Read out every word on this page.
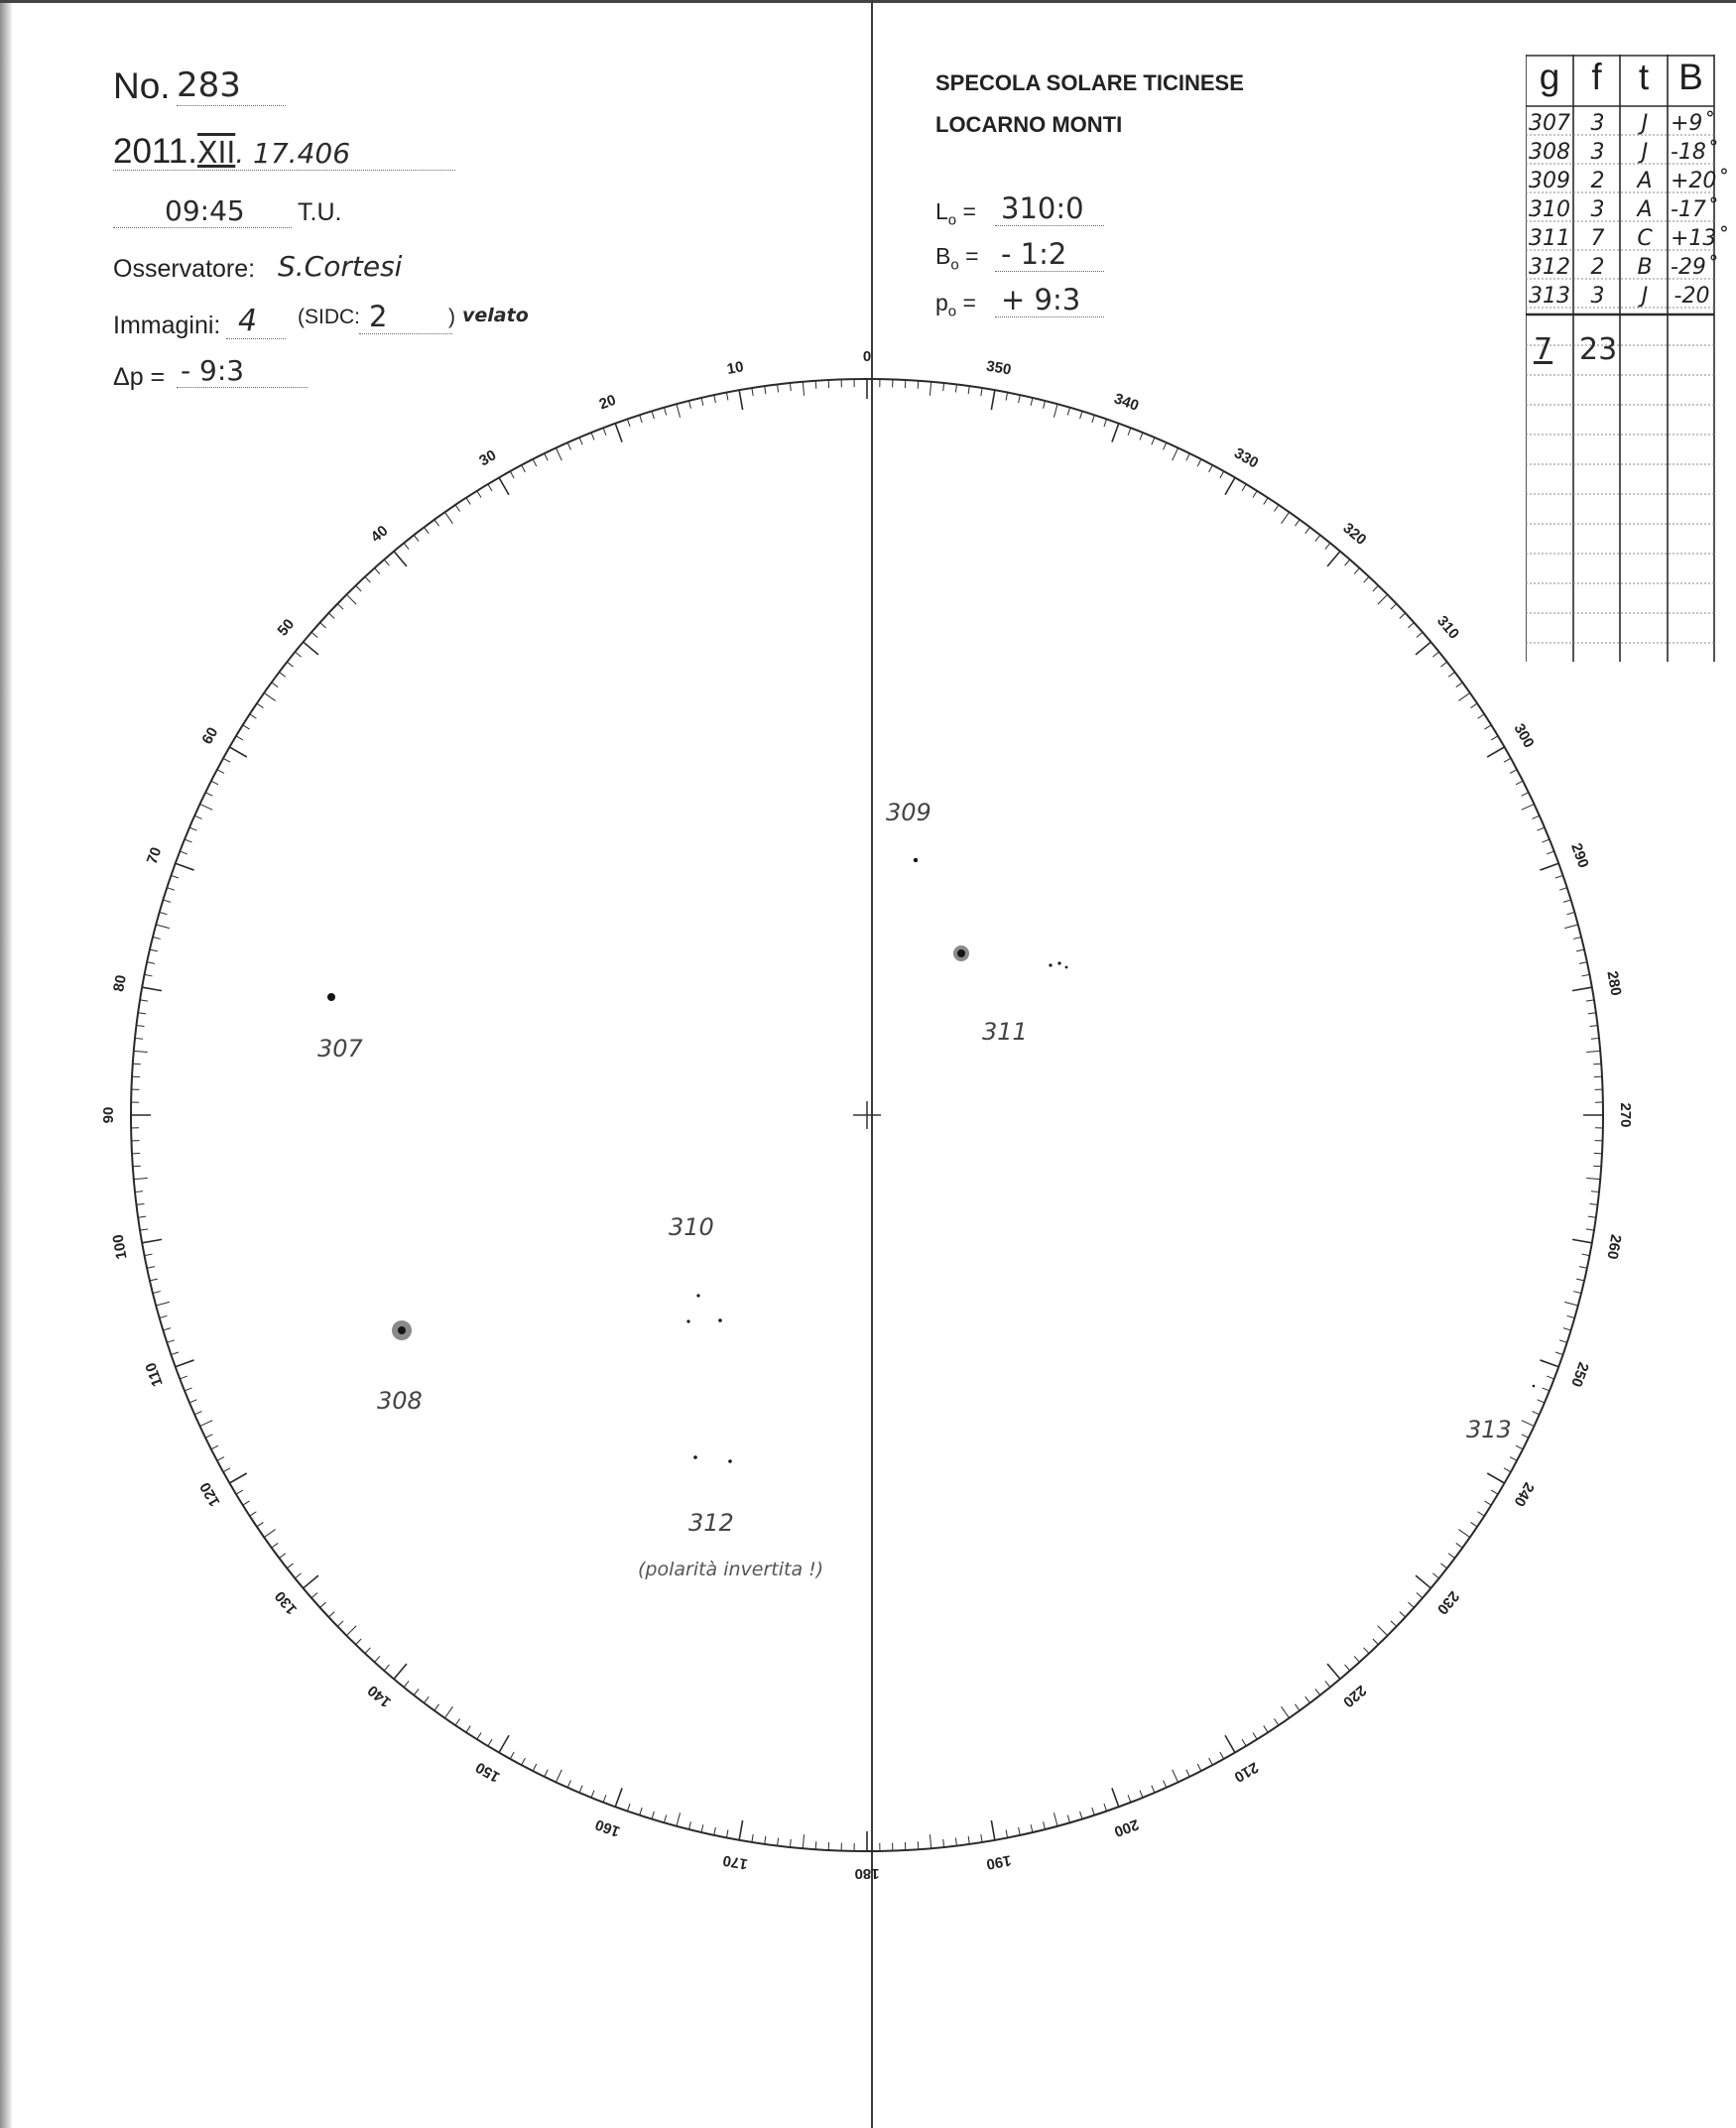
No. 283
2011.XII. 17.406
09:45	T.U.
Osservatore: S.Cortesi
Immagini: 4	(SIDC: 2	) velato
Δp = - 9:3
SPECOLA SOLARE TICINESE
LOCARNO MONTI
$L_o$ = 310:0
$B_o$ = - 1:2
$p_o$ = + 9:3
g f	t B
307 3	J	+9˚
308 3	J	-18˚
309 2	A +20˚
310 3	A -17˚
311 7	C +13˚
312 2	B -29˚
313 3	J	-20
7 23
0
10
20
30
40
50
60
70
80
90
100
110
120
130
140
150
160
170
180
190
200
210
220
230
240
250
260
270
280
290
300
310
320
330
340
350
307
308
309
310
311
312
313
(polarità invertita !)
